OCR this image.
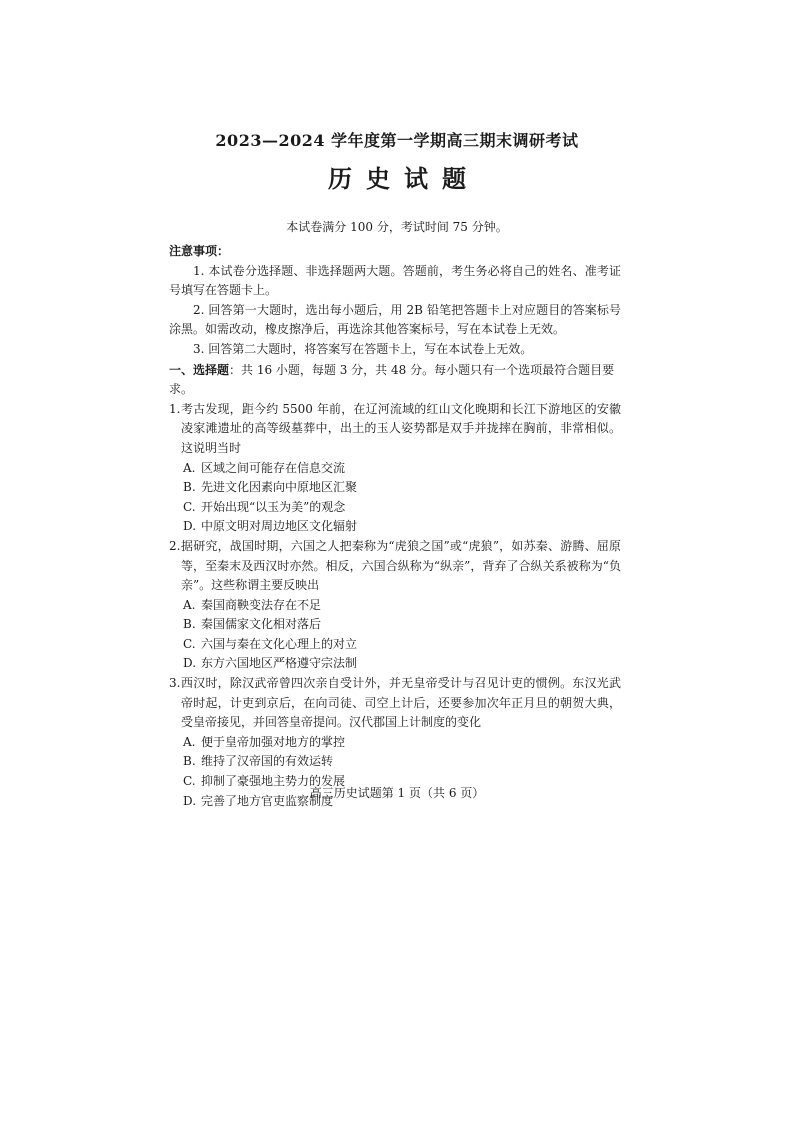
2023—2024 学年度第一学期高三期末调研考试
历史试题
本试卷满分 100 分，考试时间 75 分钟。
注意事项：
1. 本试卷分选择题、非选择题两大题。答题前，考生务必将自己的姓名、准考证号填写在答题卡上。
2. 回答第一大题时，选出每小题后，用 2B 铅笔把答题卡上对应题目的答案标号涂黑。如需改动，橡皮擦净后，再选涂其他答案标号，写在本试卷上无效。
3. 回答第二大题时，将答案写在答题卡上，写在本试卷上无效。
一、选择题：共 16 小题，每题 3 分，共 48 分。每小题只有一个选项最符合题目要求。
1. 考古发现，距今约 5500 年前，在辽河流域的红山文化晚期和长江下游地区的安徽凌家滩遗址的高等级墓葬中，出土的玉人姿势都是双手并拢摔在胸前，非常相似。这说明当时
A. 区域之间可能存在信息交流
B. 先进文化因素向中原地区汇聚
C. 开始出现“以玉为美”的观念
D. 中原文明对周边地区文化辐射
2. 据研究，战国时期，六国之人把秦称为“虎狼之国”或“虎狼”，如苏秦、游腾、屈原等，至秦末及西汉时亦然。相反，六国合纵称为“纵亲”，背弃了合纵关系被称为“负亲”。这些称谓主要反映出
A. 秦国商鞅变法存在不足
B. 秦国儒家文化相对落后
C. 六国与秦在文化心理上的对立
D. 东方六国地区严格遵守宗法制
3. 西汉时，除汉武帝曾四次亲自受计外，并无皇帝受计与召见计吏的惯例。东汉光武帝时起，计吏到京后，在向司徒、司空上计后，还要参加次年正月旦的朝贺大典，受皇帝接见，并回答皇帝提问。汉代郡国上计制度的变化
A. 便于皇帝加强对地方的掌控
B. 维持了汉帝国的有效运转
C. 抑制了豪强地主势力的发展
D. 完善了地方官吏监察制度
高三历史试题第 1 页（共 6 页）
